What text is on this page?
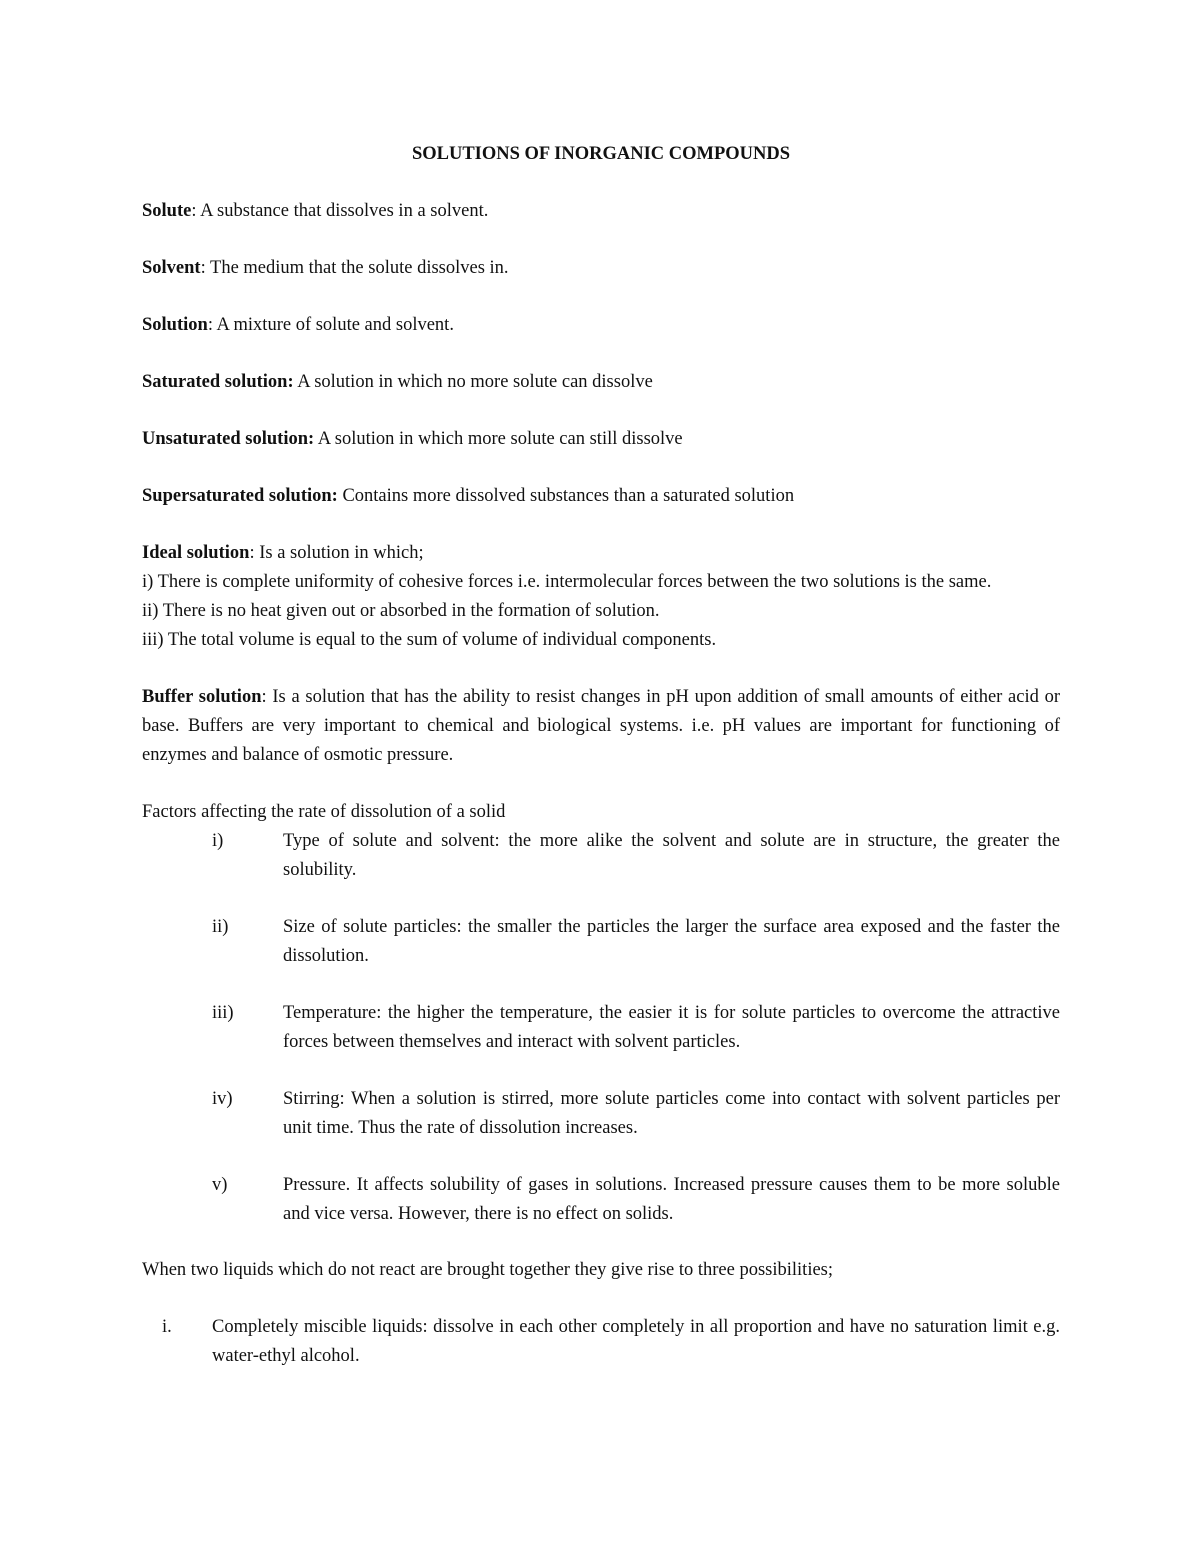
SOLUTIONS OF INORGANIC COMPOUNDS
Solute: A substance that dissolves in a solvent.
Solvent: The medium that the solute dissolves in.
Solution: A mixture of solute and solvent.
Saturated solution: A solution in which no more solute can dissolve
Unsaturated solution: A solution in which more solute can still dissolve
Supersaturated solution: Contains more dissolved substances than a saturated solution
Ideal solution: Is a solution in which;
i) There is complete uniformity of cohesive forces i.e. intermolecular forces between the two solutions is the same.
ii) There is no heat given out or absorbed in the formation of solution.
iii) The total volume is equal to the sum of volume of individual components.
Buffer solution: Is a solution that has the ability to resist changes in pH upon addition of small amounts of either acid or base. Buffers are very important to chemical and biological systems. i.e. pH values are important for functioning of enzymes and balance of osmotic pressure.
Factors affecting the rate of dissolution of a solid
i)	Type of solute and solvent: the more alike the solvent and solute are in structure, the greater the solubility.
ii)	Size of solute particles: the smaller the particles the larger the surface area exposed and the faster the dissolution.
iii)	Temperature: the higher the temperature, the easier it is for solute particles to overcome the attractive forces between themselves and interact with solvent particles.
iv)	Stirring: When a solution is stirred, more solute particles come into contact with solvent particles per unit time. Thus the rate of dissolution increases.
v)	Pressure. It affects solubility of gases in solutions. Increased pressure causes them to be more soluble and vice versa. However, there is no effect on solids.
When two liquids which do not react are brought together they give rise to three possibilities;
i.	Completely miscible liquids: dissolve in each other completely in all proportion and have no saturation limit e.g. water-ethyl alcohol.
